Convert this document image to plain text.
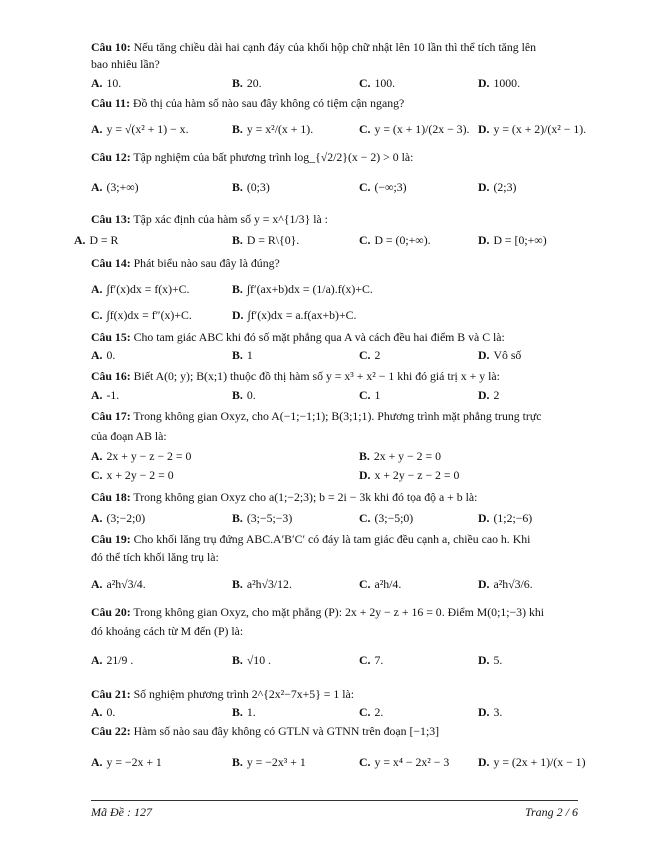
Câu 10: Nếu tăng chiều dài hai cạnh đáy của khối hộp chữ nhật lên 10 lần thì thể tích tăng lên
bao nhiêu lần?
A. 10.	B. 20.	C. 100.	D. 1000.
Câu 11: Đồ thị của hàm số nào sau đây không có tiệm cận ngang?
A. y = √(x² + 1) − x.	B. y = x²/(x + 1).	C. y = (x + 1)/(2x − 3). D. y = (x + 2)/(x² − 1).
Câu 12: Tập nghiệm của bất phương trình log_{√2/2}(x − 2) > 0 là:
A. (3;+∞)	B. (0;3)	C. (−∞;3)	D. (2;3)
Câu 13: Tập xác định của hàm số y = x^{1/3} là :
A. D = R	B. D = R\{0}.	C. D = (0;+∞).	D. D = [0;+∞)
Câu 14: Phát biểu nào sau đây là đúng?
A. ∫f′(x)dx = f(x)+C.	B. ∫f′(ax+b)dx = (1/a).f(x)+C.
C. ∫f(x)dx = f″(x)+C.	D. ∫f′(x)dx = a.f(ax+b)+C.
Câu 15: Cho tam giác ABC khi đó số mặt phẳng qua A và cách đều hai điểm B và C là:
A. 0.	B. 1	C. 2	D. Vô số
Câu 16: Biết A(0; y); B(x;1) thuộc đồ thị hàm số y = x³ + x² − 1 khi đó giá trị x + y là:
A. -1.	B. 0.	C. 1	D. 2
Câu 17: Trong không gian Oxyz, cho A(−1;−1;1); B(3;1;1). Phương trình mặt phẳng trung trực
của đoạn AB là:
A. 2x + y − z − 2 = 0	B. 2x + y − 2 = 0
C. x + 2y − 2 = 0	D. x + 2y − z − 2 = 0
Câu 18: Trong không gian Oxyz cho a(1;−2;3); b = 2i − 3k khi đó tọa độ a + b là:
A. (3;−2;0)	B. (3;−5;−3)	C. (3;−5;0)	D. (1;2;−6)
Câu 19: Cho khối lăng trụ đứng ABC.A′B′C′ có đáy là tam giác đều cạnh a, chiều cao h. Khi
đó thể tích khối lăng trụ là:
A. a²h√3/4.	B. a²h√3/12.	C. a²h/4.	D. a²h√3/6.
Câu 20: Trong không gian Oxyz, cho mặt phẳng (P): 2x + 2y − z + 16 = 0. Điểm M(0;1;−3) khi
đó khoảng cách từ M đến (P) là:
A. 21/9 .	B. √10 .	C. 7.	D. 5.
Câu 21: Số nghiệm phương trình 2^{2x²−7x+5} = 1 là:
A. 0.	B. 1.	C. 2.	D. 3.
Câu 22: Hàm số nào sau đây không có GTLN và GTNN trên đoạn [−1;3]
A. y = −2x + 1	B. y = −2x³ + 1	C. y = x⁴ − 2x² − 3 D. y = (2x + 1)/(x − 1)
Mã Đề : 127	Trang 2 / 6
